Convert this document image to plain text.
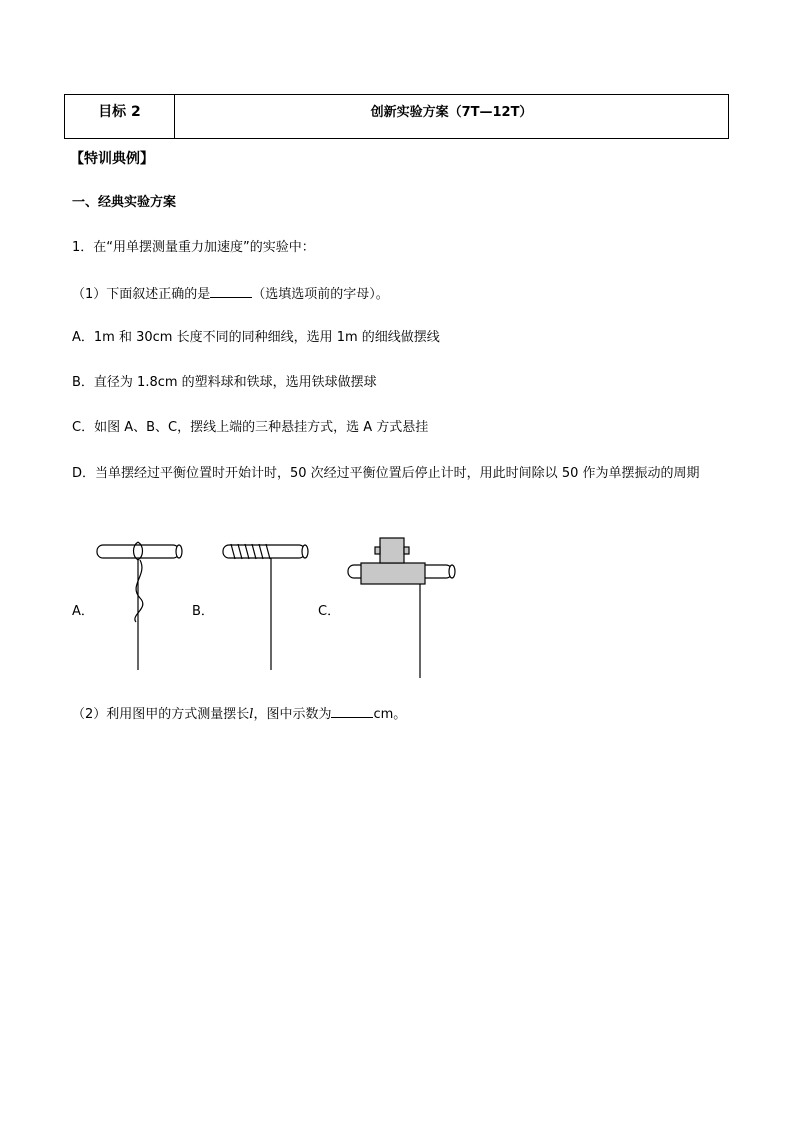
目标 2	创新实验方案（7T—12T）
【特训典例】
一、经典实验方案
1．在“用单摆测量重力加速度”的实验中：
（1）下面叙述正确的是	（选填选项前的字母）。
A．1m 和 30cm 长度不同的同种细线，选用 1m 的细线做摆线
B．直径为 1.8cm 的塑料球和铁球，选用铁球做摆球
C．如图 A、B、C，摆线上端的三种悬挂方式，选 A 方式悬挂
D．当单摆经过平衡位置时开始计时，50 次经过平衡位置后停止计时，用此时间除以 50 作为单摆振动的周期
A．	B．	C．
（2）利用图甲的方式测量摆长l，图中示数为	cm。
